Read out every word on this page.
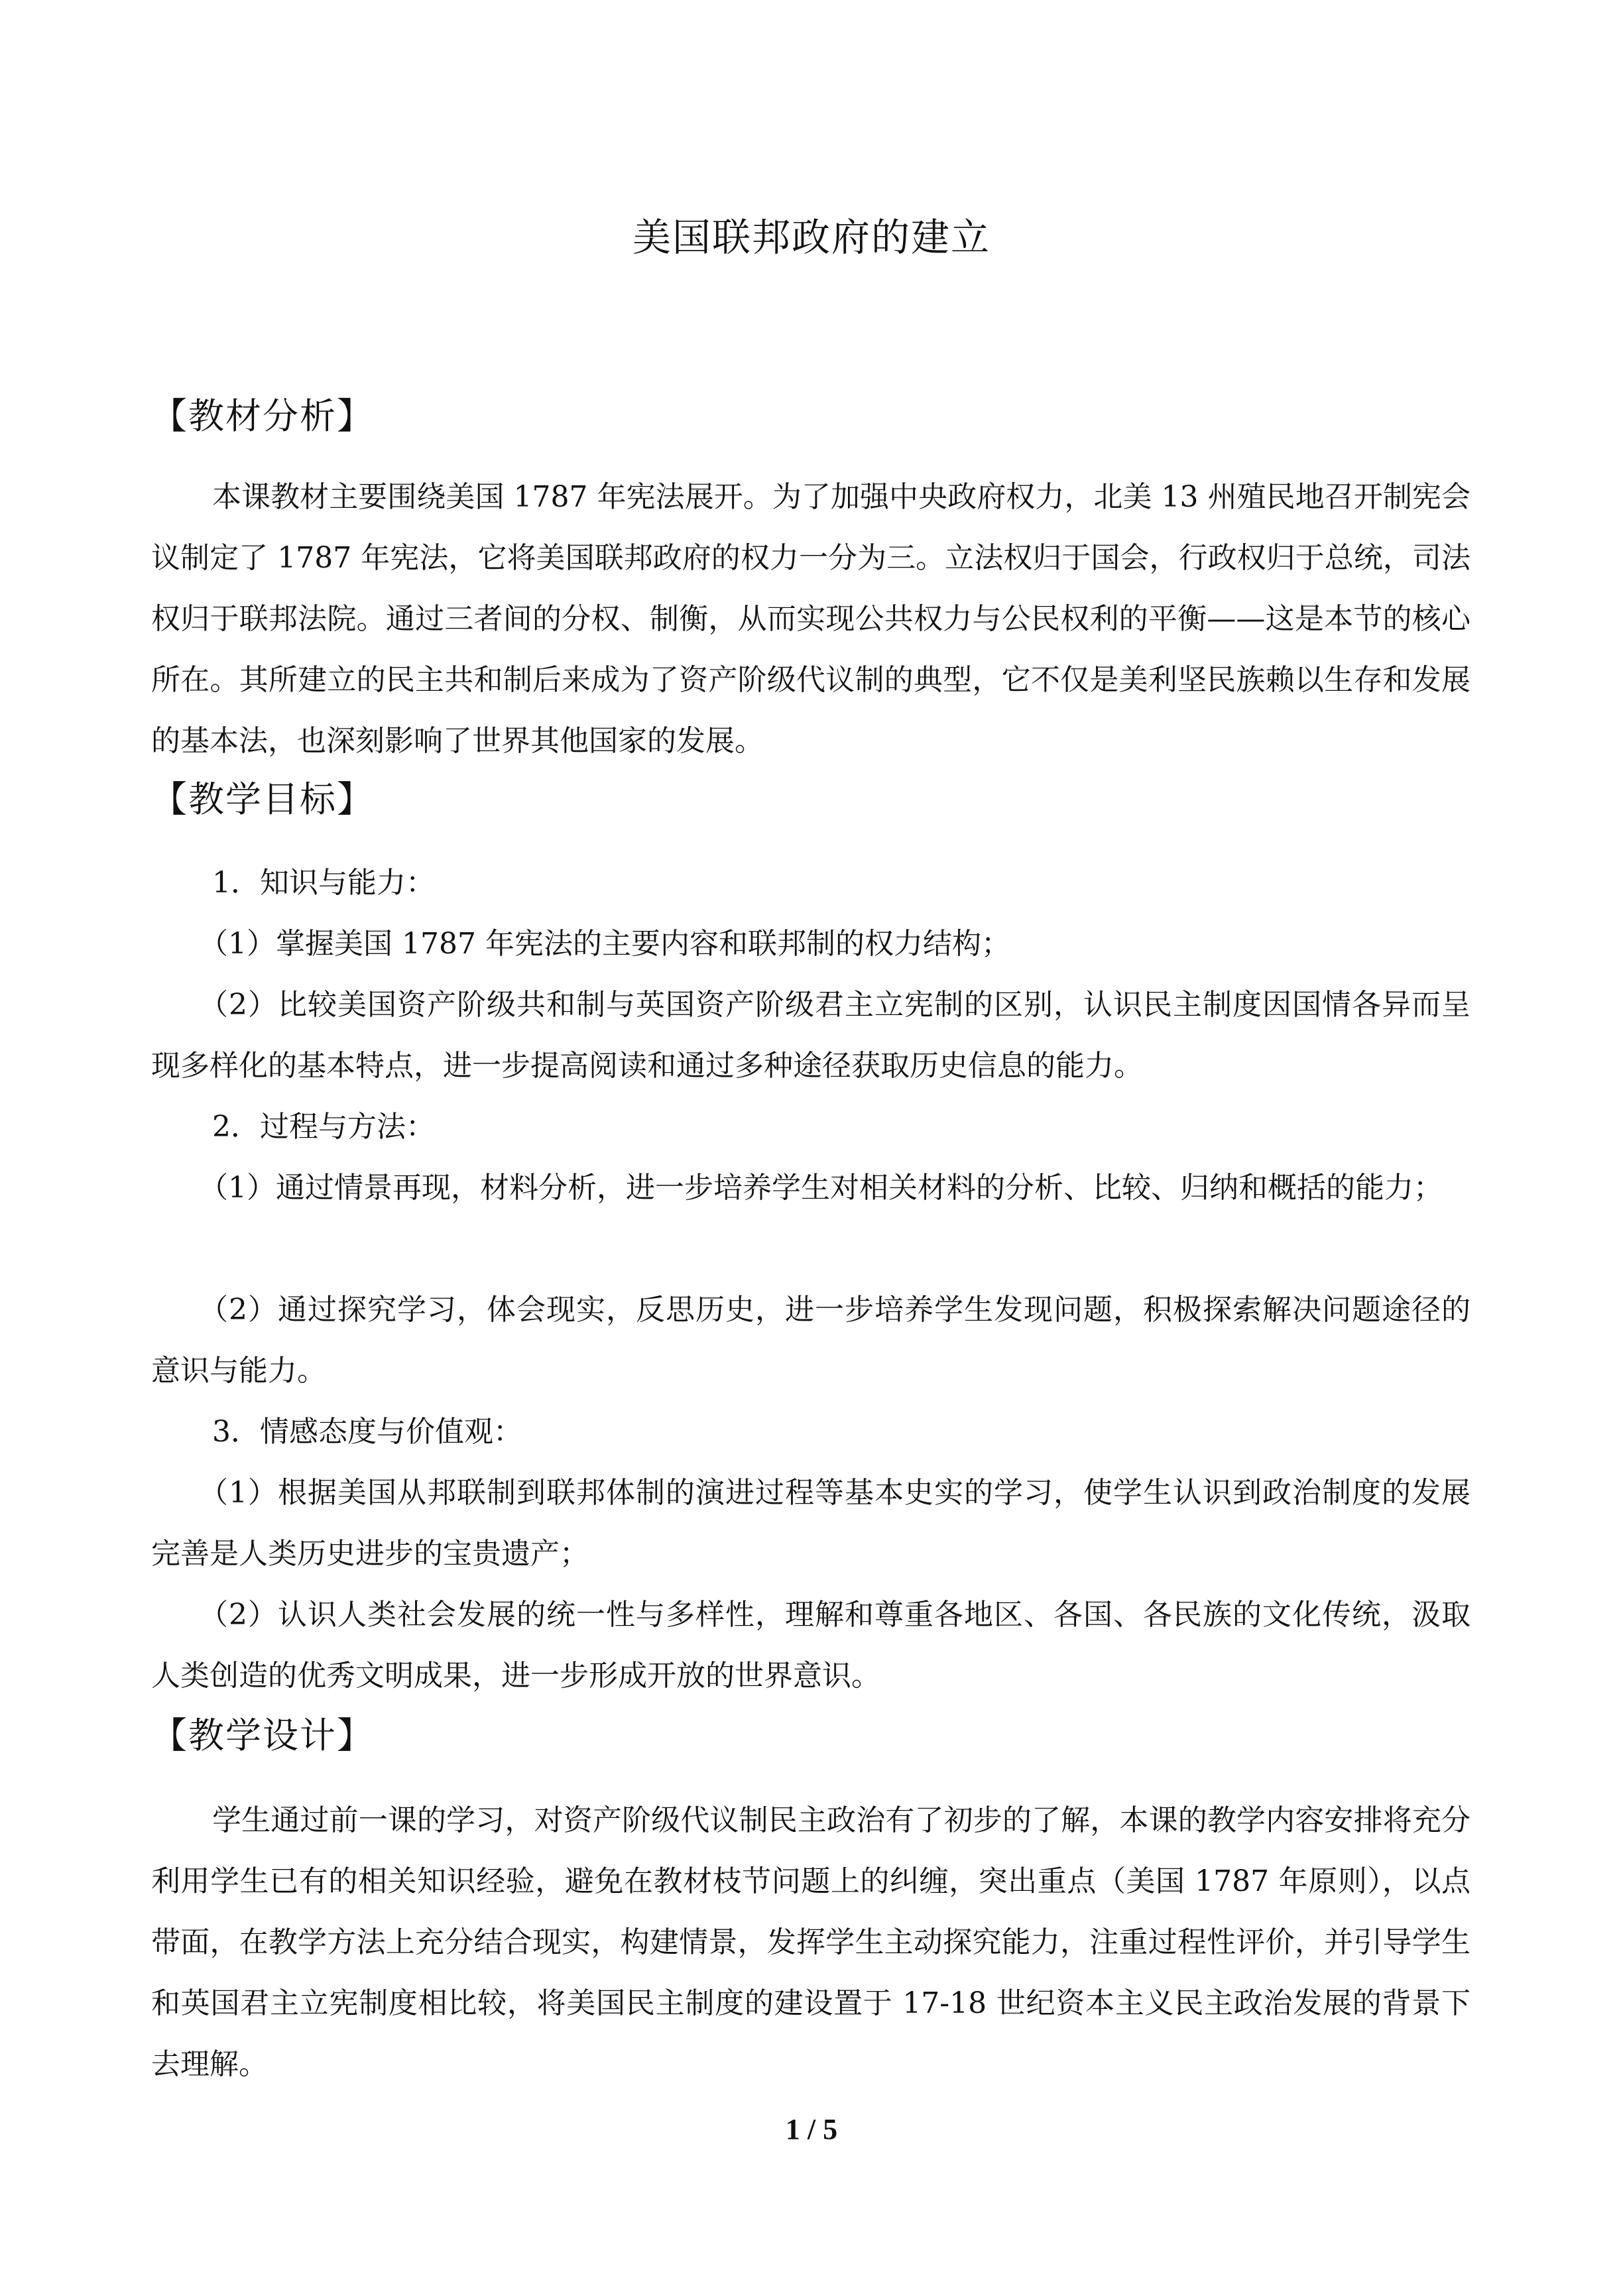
美国联邦政府的建立
【教材分析】

本课教材主要围绕美国 1787 年宪法展开。为了加强中央政府权力，北美 13 州殖民地召开制宪会议制定了 1787 年宪法，它将美国联邦政府的权力一分为三。立法权归于国会，行政权归于总统，司法权归于联邦法院。通过三者间的分权、制衡，从而实现公共权力与公民权利的平衡——这是本节的核心所在。其所建立的民主共和制后来成为了资产阶级代议制的典型，它不仅是美利坚民族赖以生存和发展的基本法，也深刻影响了世界其他国家的发展。

【教学目标】

1．知识与能力：

（1）掌握美国 1787 年宪法的主要内容和联邦制的权力结构；

（2）比较美国资产阶级共和制与英国资产阶级君主立宪制的区别，认识民主制度因国情各异而呈现多样化的基本特点，进一步提高阅读和通过多种途径获取历史信息的能力。

2．过程与方法：

（1）通过情景再现，材料分析，进一步培养学生对相关材料的分析、比较、归纳和概括的能力；

（2）通过探究学习，体会现实，反思历史，进一步培养学生发现问题，积极探索解决问题途径的意识与能力。

3．情感态度与价值观：

（1）根据美国从邦联制到联邦体制的演进过程等基本史实的学习，使学生认识到政治制度的发展完善是人类历史进步的宝贵遗产；

（2）认识人类社会发展的统一性与多样性，理解和尊重各地区、各国、各民族的文化传统，汲取人类创造的优秀文明成果，进一步形成开放的世界意识。

【教学设计】

学生通过前一课的学习，对资产阶级代议制民主政治有了初步的了解，本课的教学内容安排将充分利用学生已有的相关知识经验，避免在教材枝节问题上的纠缠，突出重点（美国 1787 年原则），以点带面，在教学方法上充分结合现实，构建情景，发挥学生主动探究能力，注重过程性评价，并引导学生和英国君主立宪制度相比较，将美国民主制度的建设置于 17-18 世纪资本主义民主政治发展的背景下去理解。

1 / 5
